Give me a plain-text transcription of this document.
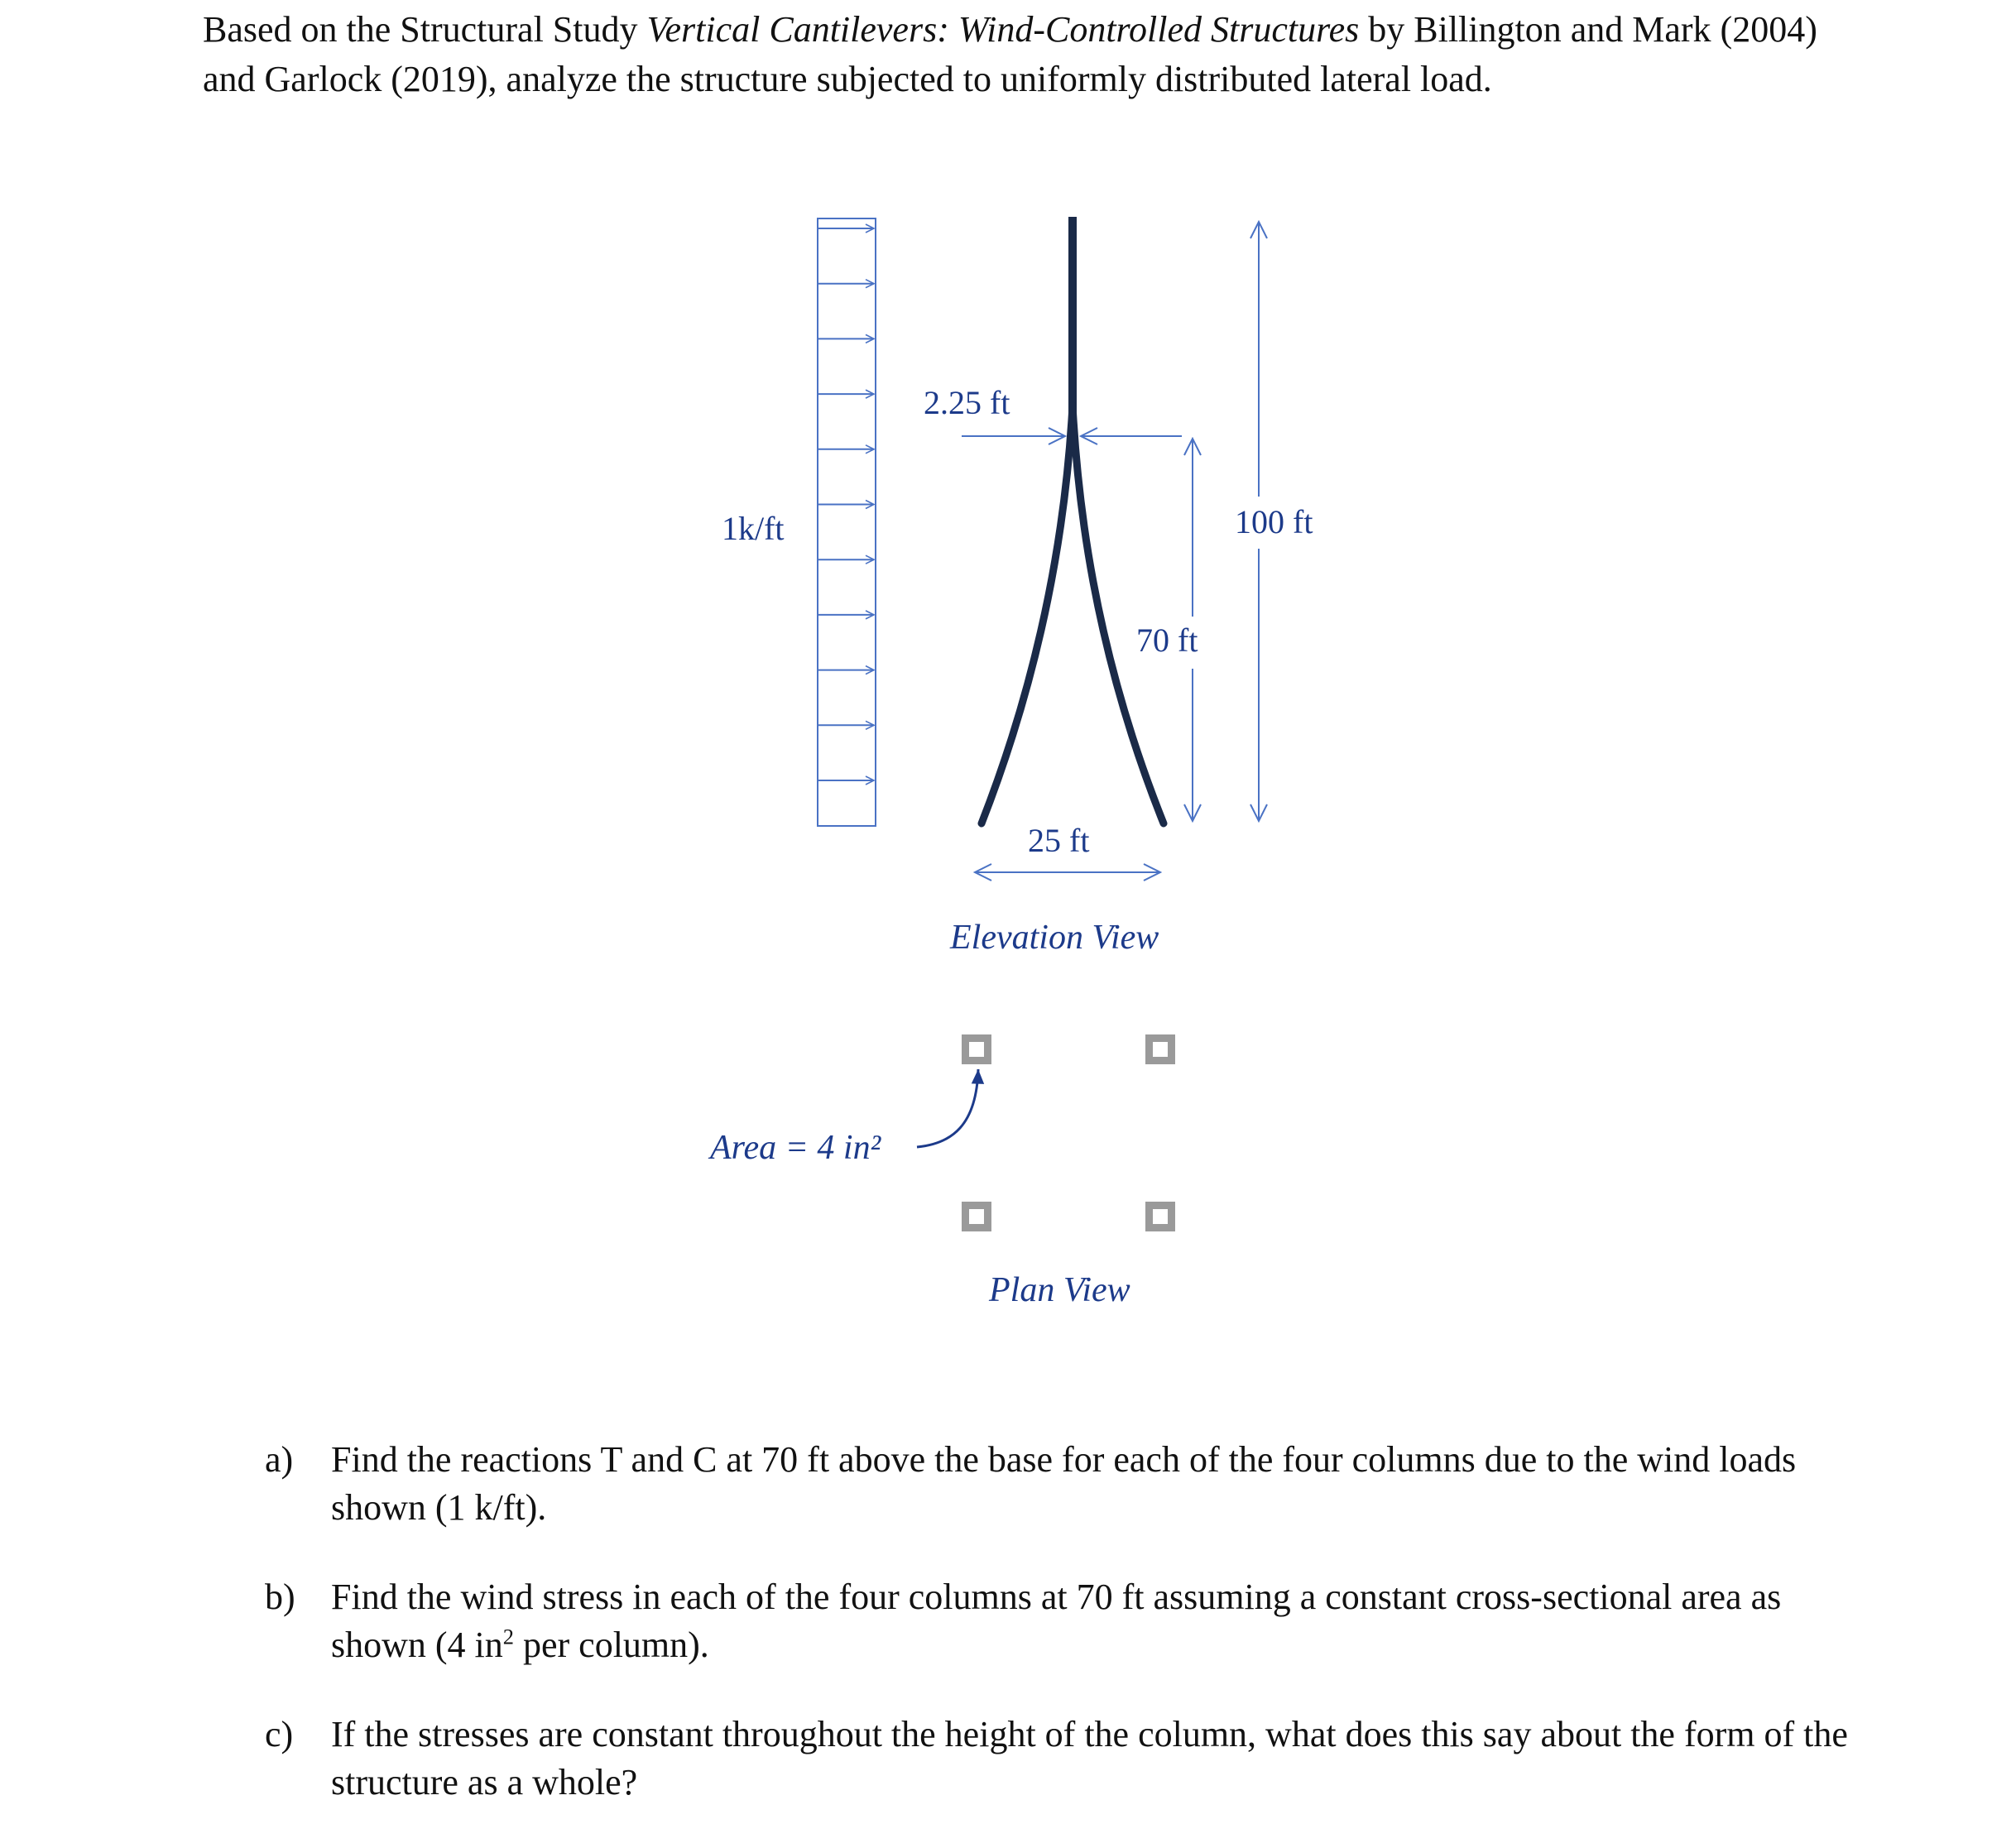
Based on the Structural Study Vertical Cantilevers: Wind-Controlled Structures by Billington and Mark (2004) and Garlock (2019), analyze the structure subjected to uniformly distributed lateral load.

2.25 ft
70 ft
100 ft
1k/ft
25 ft
Elevation View
Area = 4 in²
Plan View
a) Find the reactions T and C at 70 ft above the base for each of the four columns due to the wind loads shown (1 k/ft).
b) Find the wind stress in each of the four columns at 70 ft assuming a constant cross-sectional area as shown (4 $in^2$ per column).
c) If the stresses are constant throughout the height of the column, what does this say about the form of the structure as a whole?
